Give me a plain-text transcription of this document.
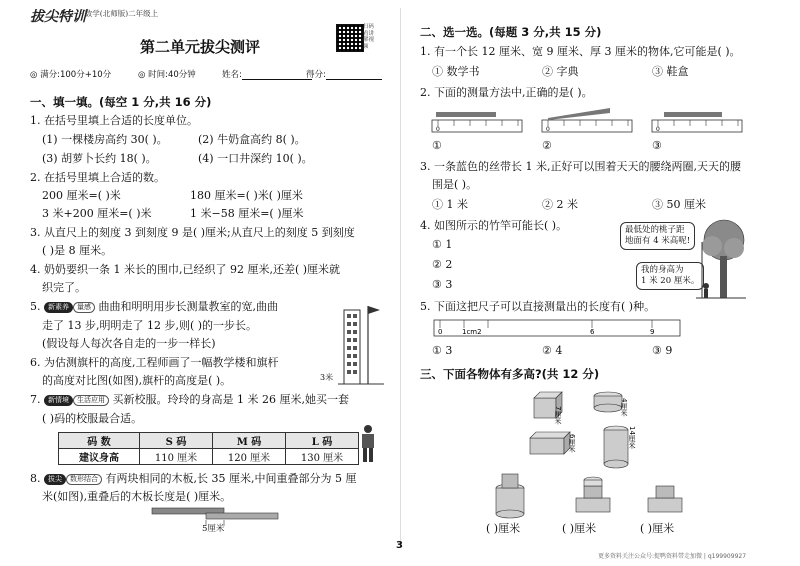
拔尖特训
· 数学(北师版)二年级上
第二单元拔尖测评
扫码看讲解视频
◎ 满分:100分+10分	◎ 时间:40分钟	姓名:	得分:
一、填一填。(每空 1 分,共 16 分)
1. 在括号里填上合适的长度单位。
(1) 一棵楼房高约 30( )。	(2) 牛奶盒高约 8( )。
(3) 胡萝卜长约 18( )。	(4) 一口井深约 10( )。
2. 在括号里填上合适的数。
200 厘米=( )米	180 厘米=( )米( )厘米
3 米+200 厘米=( )米	1 米−58 厘米=( )厘米
3. 从直尺上的刻度 3 到刻度 9 是( )厘米;从直尺上的刻度 5 到刻度
( )是 8 厘米。
4. 奶奶要织一条 1 米长的围巾,已经织了 92 厘米,还差( )厘米就
织完了。
5. 新素养 量感 曲曲和明明用步长测量教室的宽,曲曲
走了 13 步,明明走了 12 步,则( )的一步长。
(假设每人每次各自走的一步一样长)
6. 为估测旗杆的高度,工程师画了一幅教学楼和旗杆
的高度对比图(如图),旗杆的高度是( )。	3米
7. 新情境 生活应用 买新校服。玲玲的身高是 1 米 26 厘米,她买一套
( )码的校服最合适。
码 数	S 码	M 码	L 码
建议身高	110 厘米	120 厘米	130 厘米
8. 拔尖 数形结合 有两块相同的木板,长 35 厘米,中间重叠部分为 5 厘
米(如图),重叠后的木板长度是( )厘米。
5厘米
二、选一选。(每题 3 分,共 15 分)
1. 有一个长 12 厘米、宽 9 厘米、厚 3 厘米的物体,它可能是( )。
① 数学书	② 字典	③ 鞋盒
2. 下面的测量方法中,正确的是( )。
0	0	0
①	②	③
3. 一条蓝色的丝带长 1 米,正好可以围着天天的腰绕两圈,天天的腰
围是( )。
① 1 米	② 2 米	③ 50 厘米
4. 如图所示的竹竿可能长( )。
① 1
② 2
③ 3
最低处的桃子距
地面有 4 米高呢!
我的身高为
1 米 20 厘米。
5. 下面这把尺子可以直接测量出的长度有( )种。
0	1cm2	6	9
① 3	② 4	③ 9
三、下面各物体有多高?(共 12 分)
7厘米	4厘米
6厘米	14厘米
( )厘米	( )厘米	( )厘米
3
更多资料关注公众号:捉鸭资料带走加微 | q199909927
